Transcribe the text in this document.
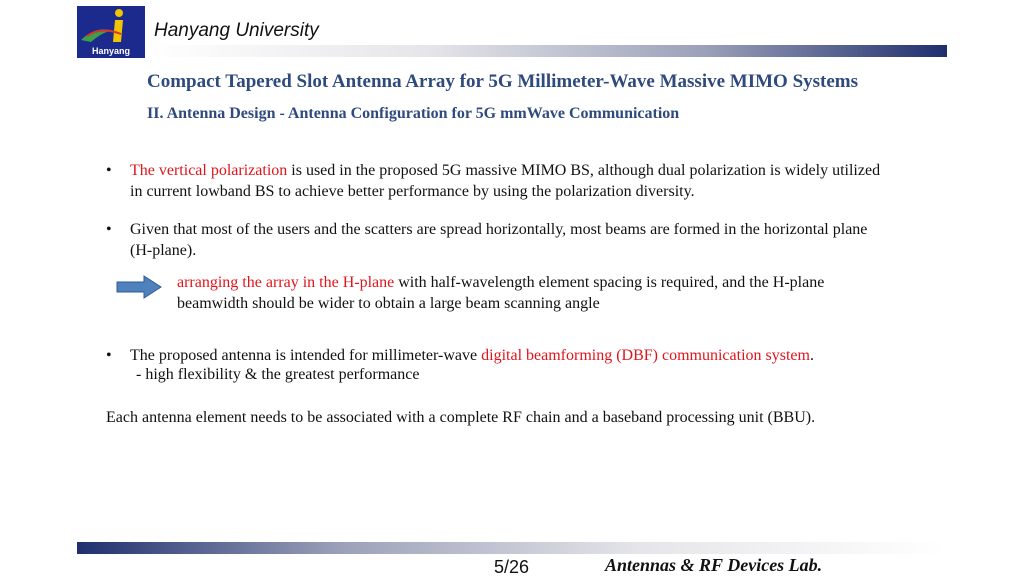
Hanyang
Hanyang University
Compact Tapered Slot Antenna Array for 5G Millimeter-Wave Massive MIMO Systems
II. Antenna Design - Antenna Configuration for 5G mmWave Communication
• The vertical polarization is used in the proposed 5G massive MIMO BS, although dual polarization is widely utilized in current lowband BS to achieve better performance by using the polarization diversity.
• Given that most of the users and the scatters are spread horizontally, most beams are formed in the horizontal plane (H-plane).
arranging the array in the H-plane with half-wavelength element spacing is required, and the H-plane beamwidth should be wider to obtain a large beam scanning angle
• The proposed antenna is intended for millimeter-wave digital beamforming (DBF) communication system.
- high flexibility & the greatest performance
Each antenna element needs to be associated with a complete RF chain and a baseband processing unit (BBU).
5/26	Antennas & RF Devices Lab.
